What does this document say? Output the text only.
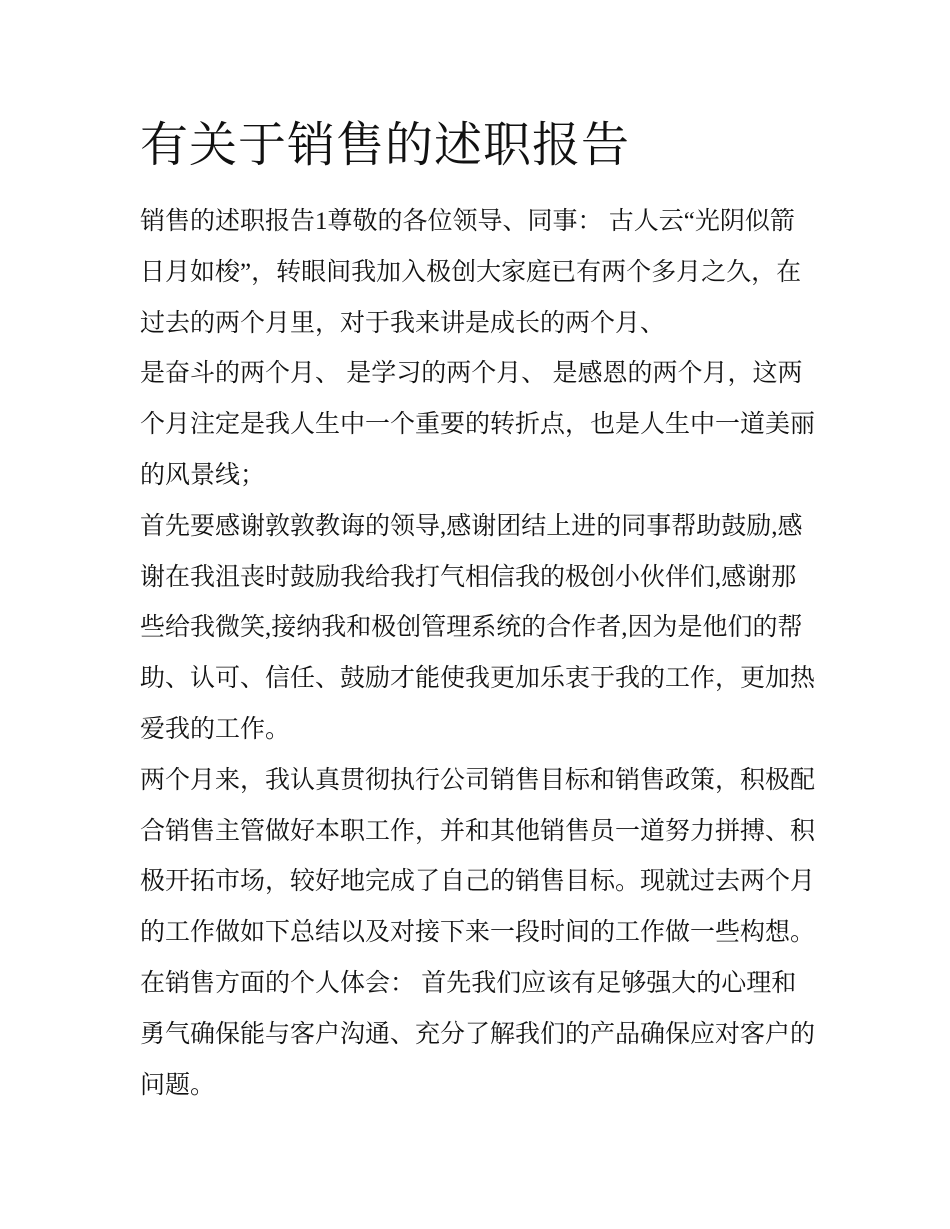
有关于销售的述职报告
销售的述职报告1尊敬的各位领导、同事： 古人云“光阴似箭
日月如梭”，转眼间我加入极创大家庭已有两个多月之久，在
过去的两个月里，对于我来讲是成长的两个月、
是奋斗的两个月、 是学习的两个月、 是感恩的两个月，这两
个月注定是我人生中一个重要的转折点，也是人生中一道美丽
的风景线；
首先要感谢敦敦教诲的领导,感谢团结上进的同事帮助鼓励,感
谢在我沮丧时鼓励我给我打气相信我的极创小伙伴们,感谢那
些给我微笑,接纳我和极创管理系统的合作者,因为是他们的帮
助、认可、信任、鼓励才能使我更加乐衷于我的工作，更加热
爱我的工作。
两个月来，我认真贯彻执行公司销售目标和销售政策，积极配
合销售主管做好本职工作，并和其他销售员一道努力拼搏、积
极开拓市场，较好地完成了自己的销售目标。现就过去两个月
的工作做如下总结以及对接下来一段时间的工作做一些构想。
在销售方面的个人体会： 首先我们应该有足够强大的心理和
勇气确保能与客户沟通、充分了解我们的产品确保应对客户的
问题。
